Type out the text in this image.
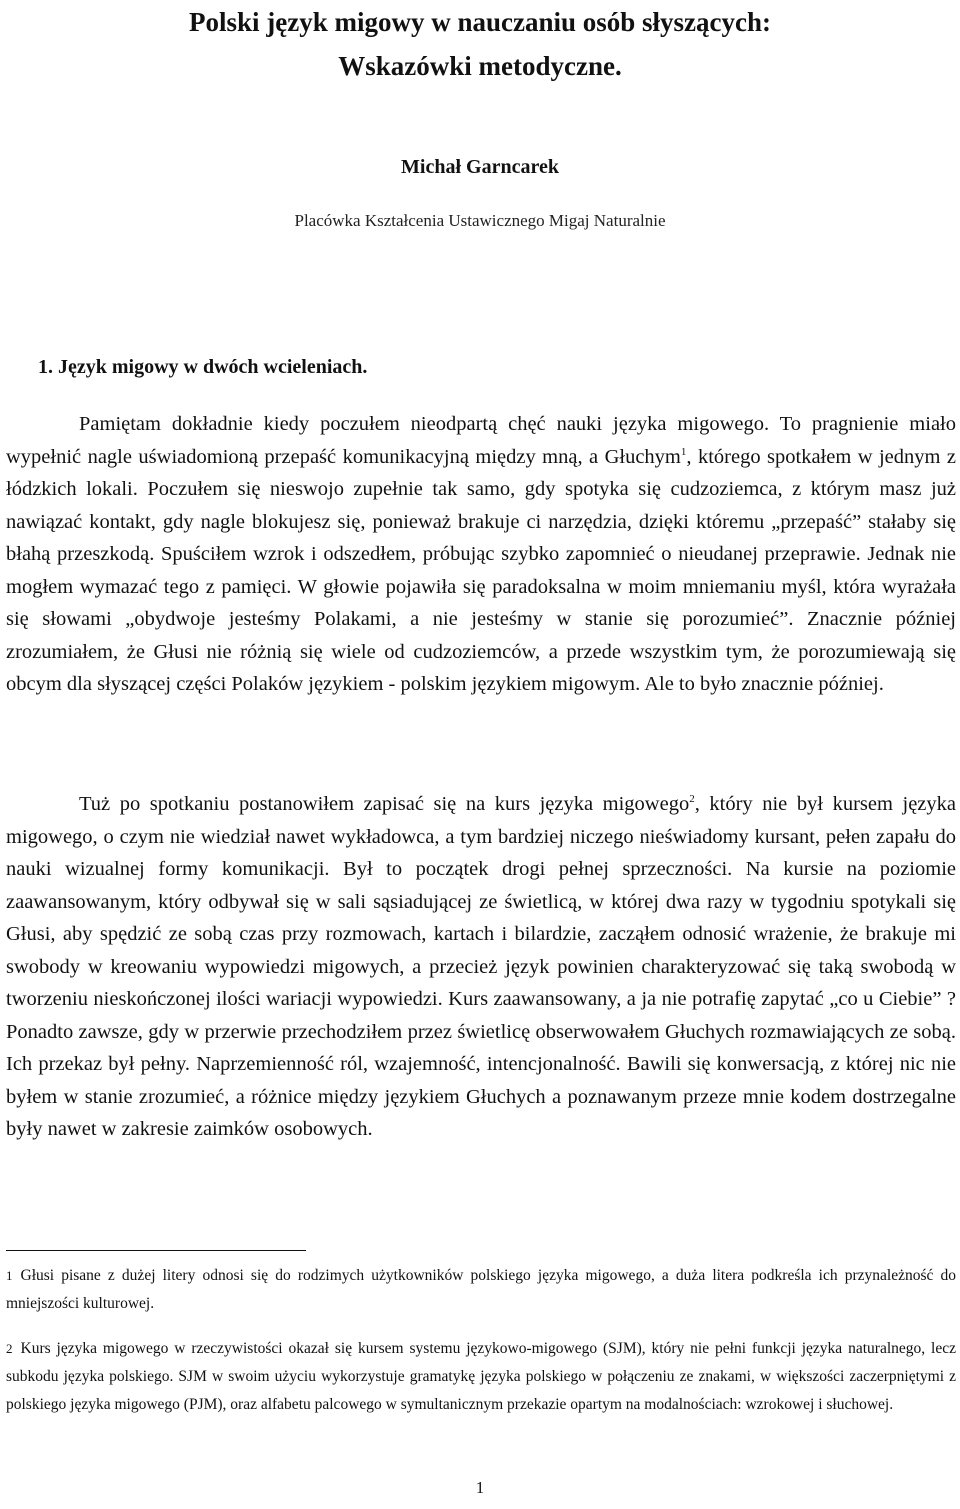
Polski język migowy w nauczaniu osób słyszących:
Wskazówki metodyczne.
Michał Garncarek
Placówka Kształcenia Ustawicznego Migaj Naturalnie
1. Język migowy w dwóch wcieleniach.

Pamiętam dokładnie kiedy poczułem nieodpartą chęć nauki języka migowego. To pragnienie miało wypełnić nagle uświadomioną przepaść komunikacyjną między mną, a Głuchym$^1$, którego spotkałem w jednym z łódzkich lokali. Poczułem się nieswojo zupełnie tak samo, gdy spotyka się cudzoziemca, z którym masz już nawiązać kontakt, gdy nagle blokujesz się, ponieważ brakuje ci narzędzia, dzięki któremu „przepaść” stałaby się błahą przeszkodą. Spuściłem wzrok i odszedłem, próbując szybko zapomnieć o nieudanej przeprawie. Jednak nie mogłem wymazać tego z pamięci. W głowie pojawiła się paradoksalna w moim mniemaniu myśl, która wyrażała się słowami „obydwoje jesteśmy Polakami, a nie jesteśmy w stanie się porozumieć”. Znacznie później zrozumiałem, że Głusi nie różnią się wiele od cudzoziemców, a przede wszystkim tym, że porozumiewają się obcym dla słyszącej części Polaków językiem - polskim językiem migowym. Ale to było znacznie później.

Tuż po spotkaniu postanowiłem zapisać się na kurs języka migowego$^2$, który nie był kursem języka migowego, o czym nie wiedział nawet wykładowca, a tym bardziej niczego nieświadomy kursant, pełen zapału do nauki wizualnej formy komunikacji. Był to początek drogi pełnej sprzeczności. Na kursie na poziomie zaawansowanym, który odbywał się w sali sąsiadującej ze świetlicą, w której dwa razy w tygodniu spotykali się Głusi, aby spędzić ze sobą czas przy rozmowach, kartach i bilardzie, zacząłem odnosić wrażenie, że brakuje mi swobody w kreowaniu wypowiedzi migowych, a przecież język powinien charakteryzować się taką swobodą w tworzeniu nieskończonej ilości wariacji wypowiedzi. Kurs zaawansowany, a ja nie potrafię zapytać „co u Ciebie” ? Ponadto zawsze, gdy w przerwie przechodziłem przez świetlicę obserwowałem Głuchych rozmawiających ze sobą. Ich przekaz był pełny. Naprzemienność ról, wzajemność, intencjonalność. Bawili się konwersacją, z której nic nie byłem w stanie zrozumieć, a różnice między językiem Głuchych a poznawanym przeze mnie kodem dostrzegalne były nawet w zakresie zaimków osobowych.

1 Głusi pisane z dużej litery odnosi się do rodzimych użytkowników polskiego języka migowego, a duża litera podkreśla ich przynależność do mniejszości kulturowej.
2 Kurs języka migowego w rzeczywistości okazał się kursem systemu językowo-migowego (SJM), który nie pełni funkcji języka naturalnego, lecz subkodu języka polskiego. SJM w swoim użyciu wykorzystuje gramatykę języka polskiego w połączeniu ze znakami, w większości zaczerpniętymi z polskiego języka migowego (PJM), oraz alfabetu palcowego w symultanicznym przekazie opartym na modalnościach: wzrokowej i słuchowej.
1
